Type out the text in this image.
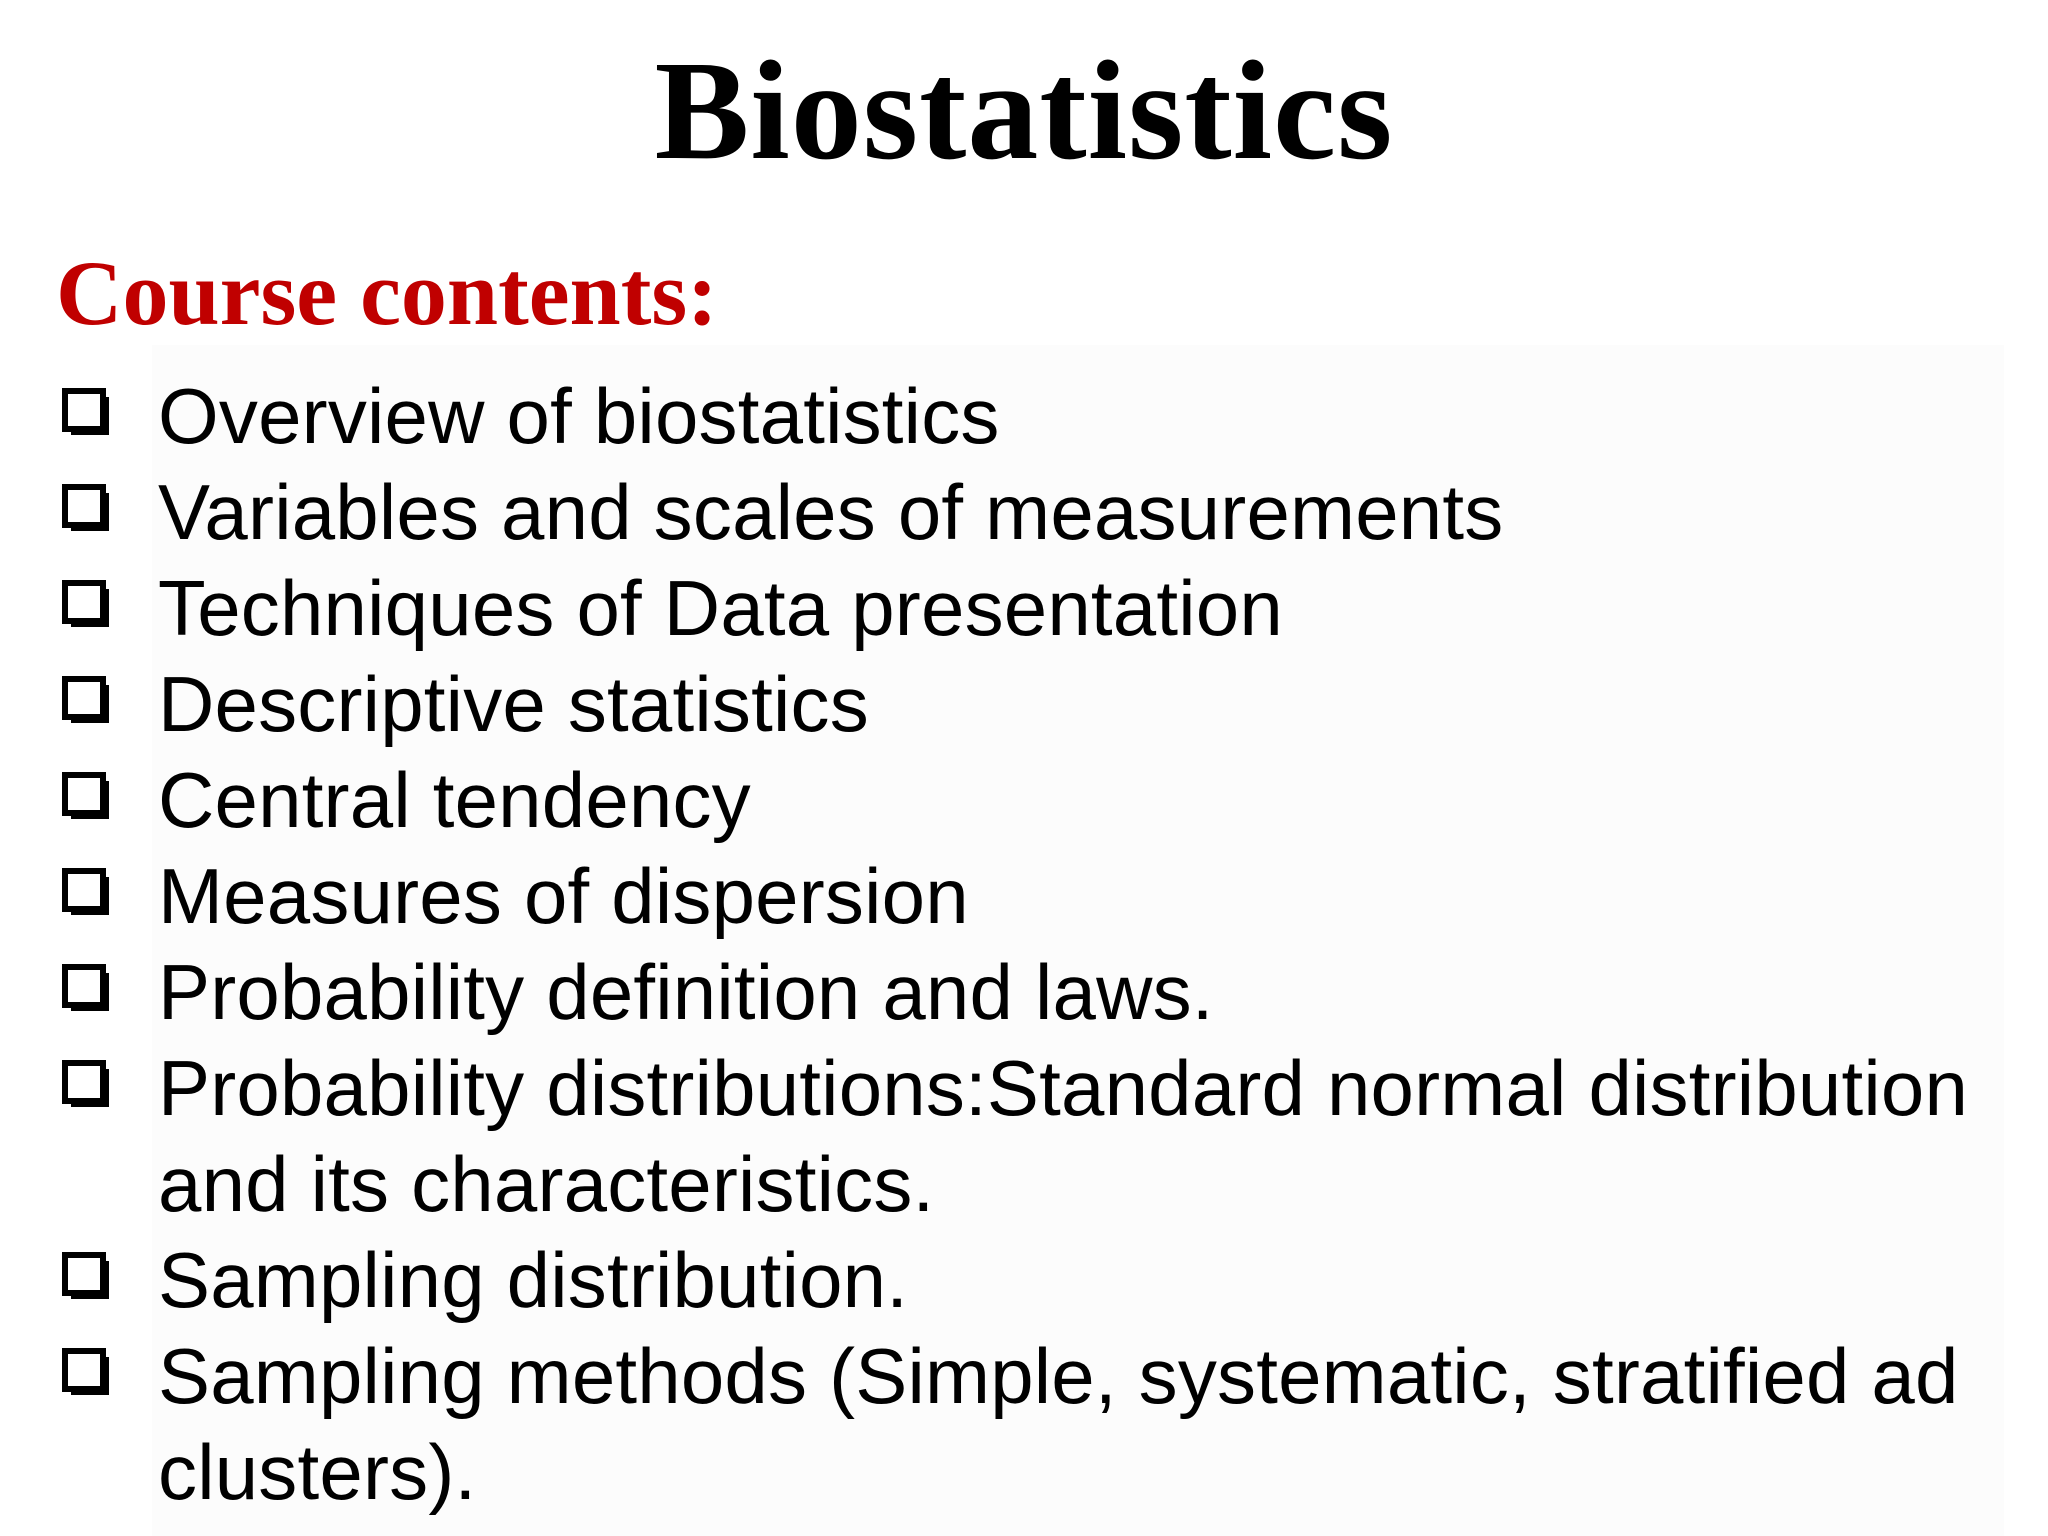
Biostatistics
Course contents:
Overview of biostatistics
Variables and scales of measurements
Techniques of Data presentation
Descriptive statistics
Central tendency
Measures of dispersion
Probability definition and laws.
Probability distributions:Standard normal distribution
and its characteristics.
Sampling distribution.
Sampling methods (Simple, systematic, stratified ad
clusters).
